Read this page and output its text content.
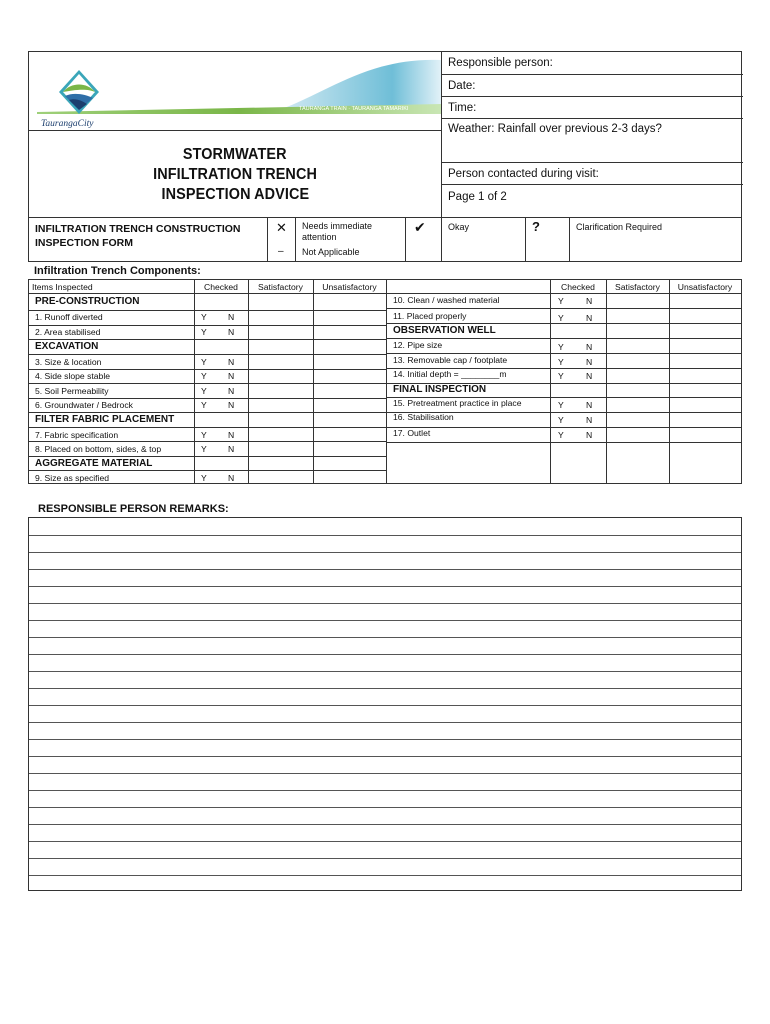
TAURANGA TRAIN · TAURANGA TAMARIKI
TaurangaCity
STORMWATER
INFILTRATION TRENCH
INSPECTION ADVICE
Responsible person:
Date:
Time:
Weather: Rainfall over previous 2-3 days?
Person contacted during visit:
Page 1 of 2
INFILTRATION TRENCH CONSTRUCTION
INSPECTION FORM
✕
–
Needs immediate
attention
Not Applicable
✔ Okay	?	Clarification Required
Infiltration Trench Components:
Items Inspected	Checked	Satisfactory	Unsatisfactory	Checked	Satisfactory	Unsatisfactory
PRE-CONSTRUCTION
1. Runoff diverted	Y N
2. Area stabilised	Y N
EXCAVATION
3. Size & location	Y N
4. Side slope stable	Y N
5. Soil Permeability	Y N
6. Groundwater / Bedrock	Y N
FILTER FABRIC PLACEMENT
7. Fabric specification	Y N
8. Placed on bottom, sides, & top	Y N
AGGREGATE MATERIAL
9. Size as specified	Y N
10. Clean / washed material	Y	N
11. Placed properly	Y	N
OBSERVATION WELL
12. Pipe size	Y	N
13. Removable cap / footplate	Y	N
14. Initial depth = ________m	Y	N
FINAL INSPECTION
15. Pretreatment practice in place	Y	N
16. Stabilisation	Y	N
17. Outlet	Y	N
RESPONSIBLE PERSON REMARKS:
